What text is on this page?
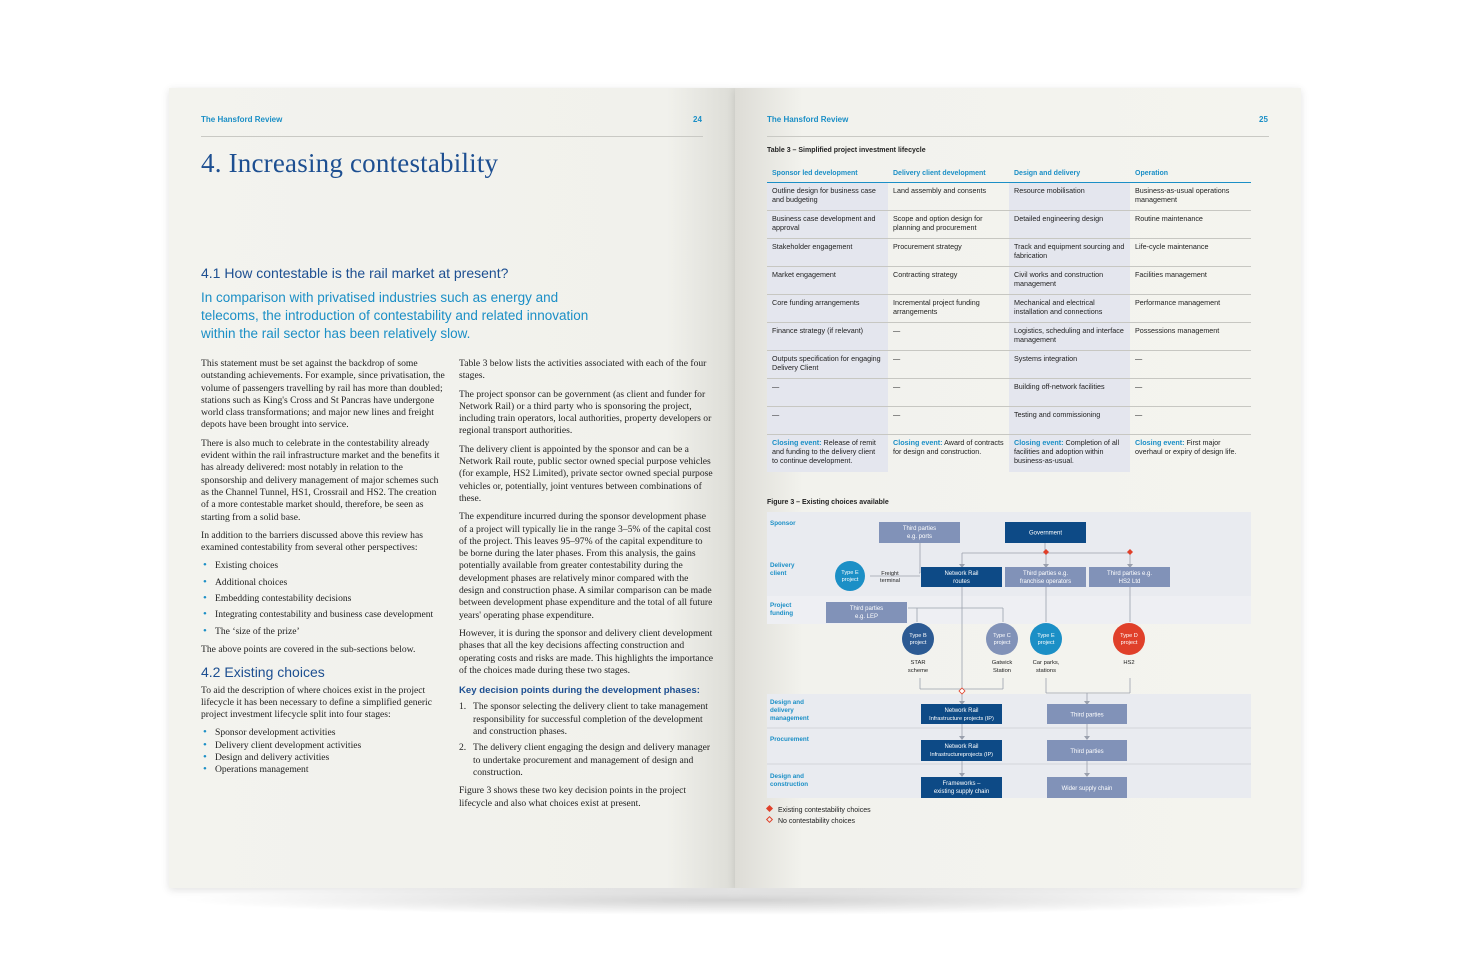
The Hansford Review	24
4. Increasing contestability
4.1 How contestable is the rail market at present?
In comparison with privatised industries such as energy and telecoms, the introduction of contestability and related innovation within the rail sector has been relatively slow.

This statement must be set against the backdrop of some outstanding achievements. For example, since privatisation, the volume of passengers travelling by rail has more than doubled; stations such as King's Cross and St Pancras have undergone world class transformations; and major new lines and freight depots have been brought into service.

There is also much to celebrate in the contestability already evident within the rail infrastructure market and the benefits it has already delivered: most notably in relation to the sponsorship and delivery management of major schemes such as the Channel Tunnel, HS1, Crossrail and HS2. The creation of a more contestable market should, therefore, be seen as starting from a solid base.

In addition to the barriers discussed above this review has examined contestability from several other perspectives:

• Existing choices
• Additional choices
• Embedding contestability decisions
• Integrating contestability and business case development
• The ‘size of the prize’

The above points are covered in the sub-sections below.

4.2 Existing choices

To aid the description of where choices exist in the project lifecycle it has been necessary to define a simplified generic project investment lifecycle split into four stages:

• Sponsor development activities
• Delivery client development activities
• Design and delivery activities
• Operations management

Table 3 below lists the activities associated with each of the four stages.

The project sponsor can be government (as client and funder for Network Rail) or a third party who is sponsoring the project, including train operators, local authorities, property developers or regional transport authorities.

The delivery client is appointed by the sponsor and can be a Network Rail route, public sector owned special purpose vehicles (for example, HS2 Limited), private sector owned special purpose vehicles or, potentially, joint ventures between combinations of these.

The expenditure incurred during the sponsor development phase of a project will typically lie in the range 3–5% of the capital cost of the project. This leaves 95–97% of the capital expenditure to be borne during the later phases. From this analysis, the gains potentially available from greater contestability during the development phases are relatively minor compared with the design and construction phase. A similar comparison can be made between development phase expenditure and the total of all future years' operating phase expenditure.

However, it is during the sponsor and delivery client development phases that all the key decisions affecting construction and operating costs and risks are made. This highlights the importance of the choices made during these two stages.

Key decision points during the development phases:
1. The sponsor selecting the delivery client to take management responsibility for successful completion of the development and construction phases.
2. The delivery client engaging the design and delivery manager to undertake procurement and management of design and construction.

Figure 3 shows these two key decision points in the project lifecycle and also what choices exist at present.

The Hansford Review	25
Table 3 – Simplified project investment lifecycle
Sponsor led development	Delivery client development	Design and delivery	Operation
Outline design for business case and budgeting	Land assembly and consents	Resource mobilisation	Business-as-usual operations management
Business case development and approval	Scope and option design for planning and procurement	Detailed engineering design	Routine maintenance
Stakeholder engagement	Procurement strategy	Track and equipment sourcing and fabrication	Life-cycle maintenance
Market engagement	Contracting strategy	Civil works and construction management	Facilities management
Core funding arrangements	Incremental project funding arrangements	Mechanical and electrical installation and connections	Performance management
Finance strategy (if relevant)	—	Logistics, scheduling and interface management	Possessions management
Outputs specification for engaging Delivery Client	—	Systems integration	—
—	—	Building off-network facilities	—
—	—	Testing and commissioning	—
Closing event: Release of remit and funding to the delivery client to continue development.	Closing event: Award of contracts for design and construction.	Closing event: Completion of all facilities and adoption within business-as-usual.	Closing event: First major overhaul or expiry of design life.
Figure 3 – Existing choices available
Sponsor
Delivery
client
Project
funding
Design and
delivery
management
Procurement
Design and
construction
Third parties
e.g. ports
Government
Type E
project
Freight
terminal
Network Rail
routes
Third parties e.g.
franchise operators
Third parties e.g.
HS2 Ltd
Third parties
e.g. LEP
Type B
project
STAR
scheme
Type C
project
Gatwick
Station
Type E
project
Car parks,
stations
Type D
project
HS2
Network Rail
Infrastructure projects (IP)
Third parties
Network Rail
Infrastructureprojects (IP)	Third parties
Frameworks –
existing supply chain	Wider supply chain
Existing contestability choices
No contestability choices
